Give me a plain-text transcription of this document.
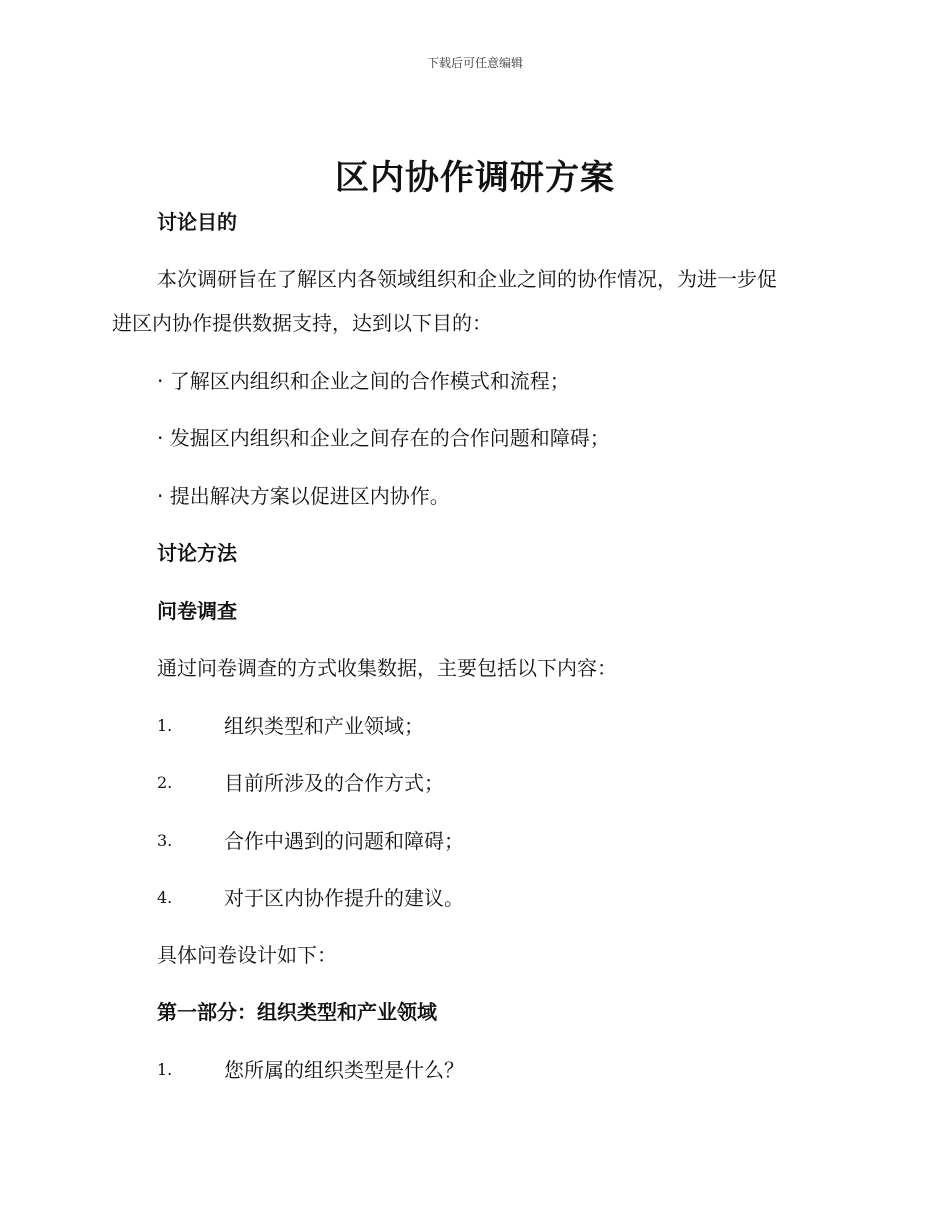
下载后可任意编辑
区内协作调研方案
讨论目的
本次调研旨在了解区内各领域组织和企业之间的协作情况，为进一步促
进区内协作提供数据支持，达到以下目的：
· 了解区内组织和企业之间的合作模式和流程；
· 发掘区内组织和企业之间存在的合作问题和障碍；
· 提出解决方案以促进区内协作。
讨论方法
问卷调查
通过问卷调查的方式收集数据，主要包括以下内容：
1.	组织类型和产业领域；
2.	目前所涉及的合作方式；
3.	合作中遇到的问题和障碍；
4.	对于区内协作提升的建议。
具体问卷设计如下：
第一部分：组织类型和产业领域
1.	您所属的组织类型是什么？
